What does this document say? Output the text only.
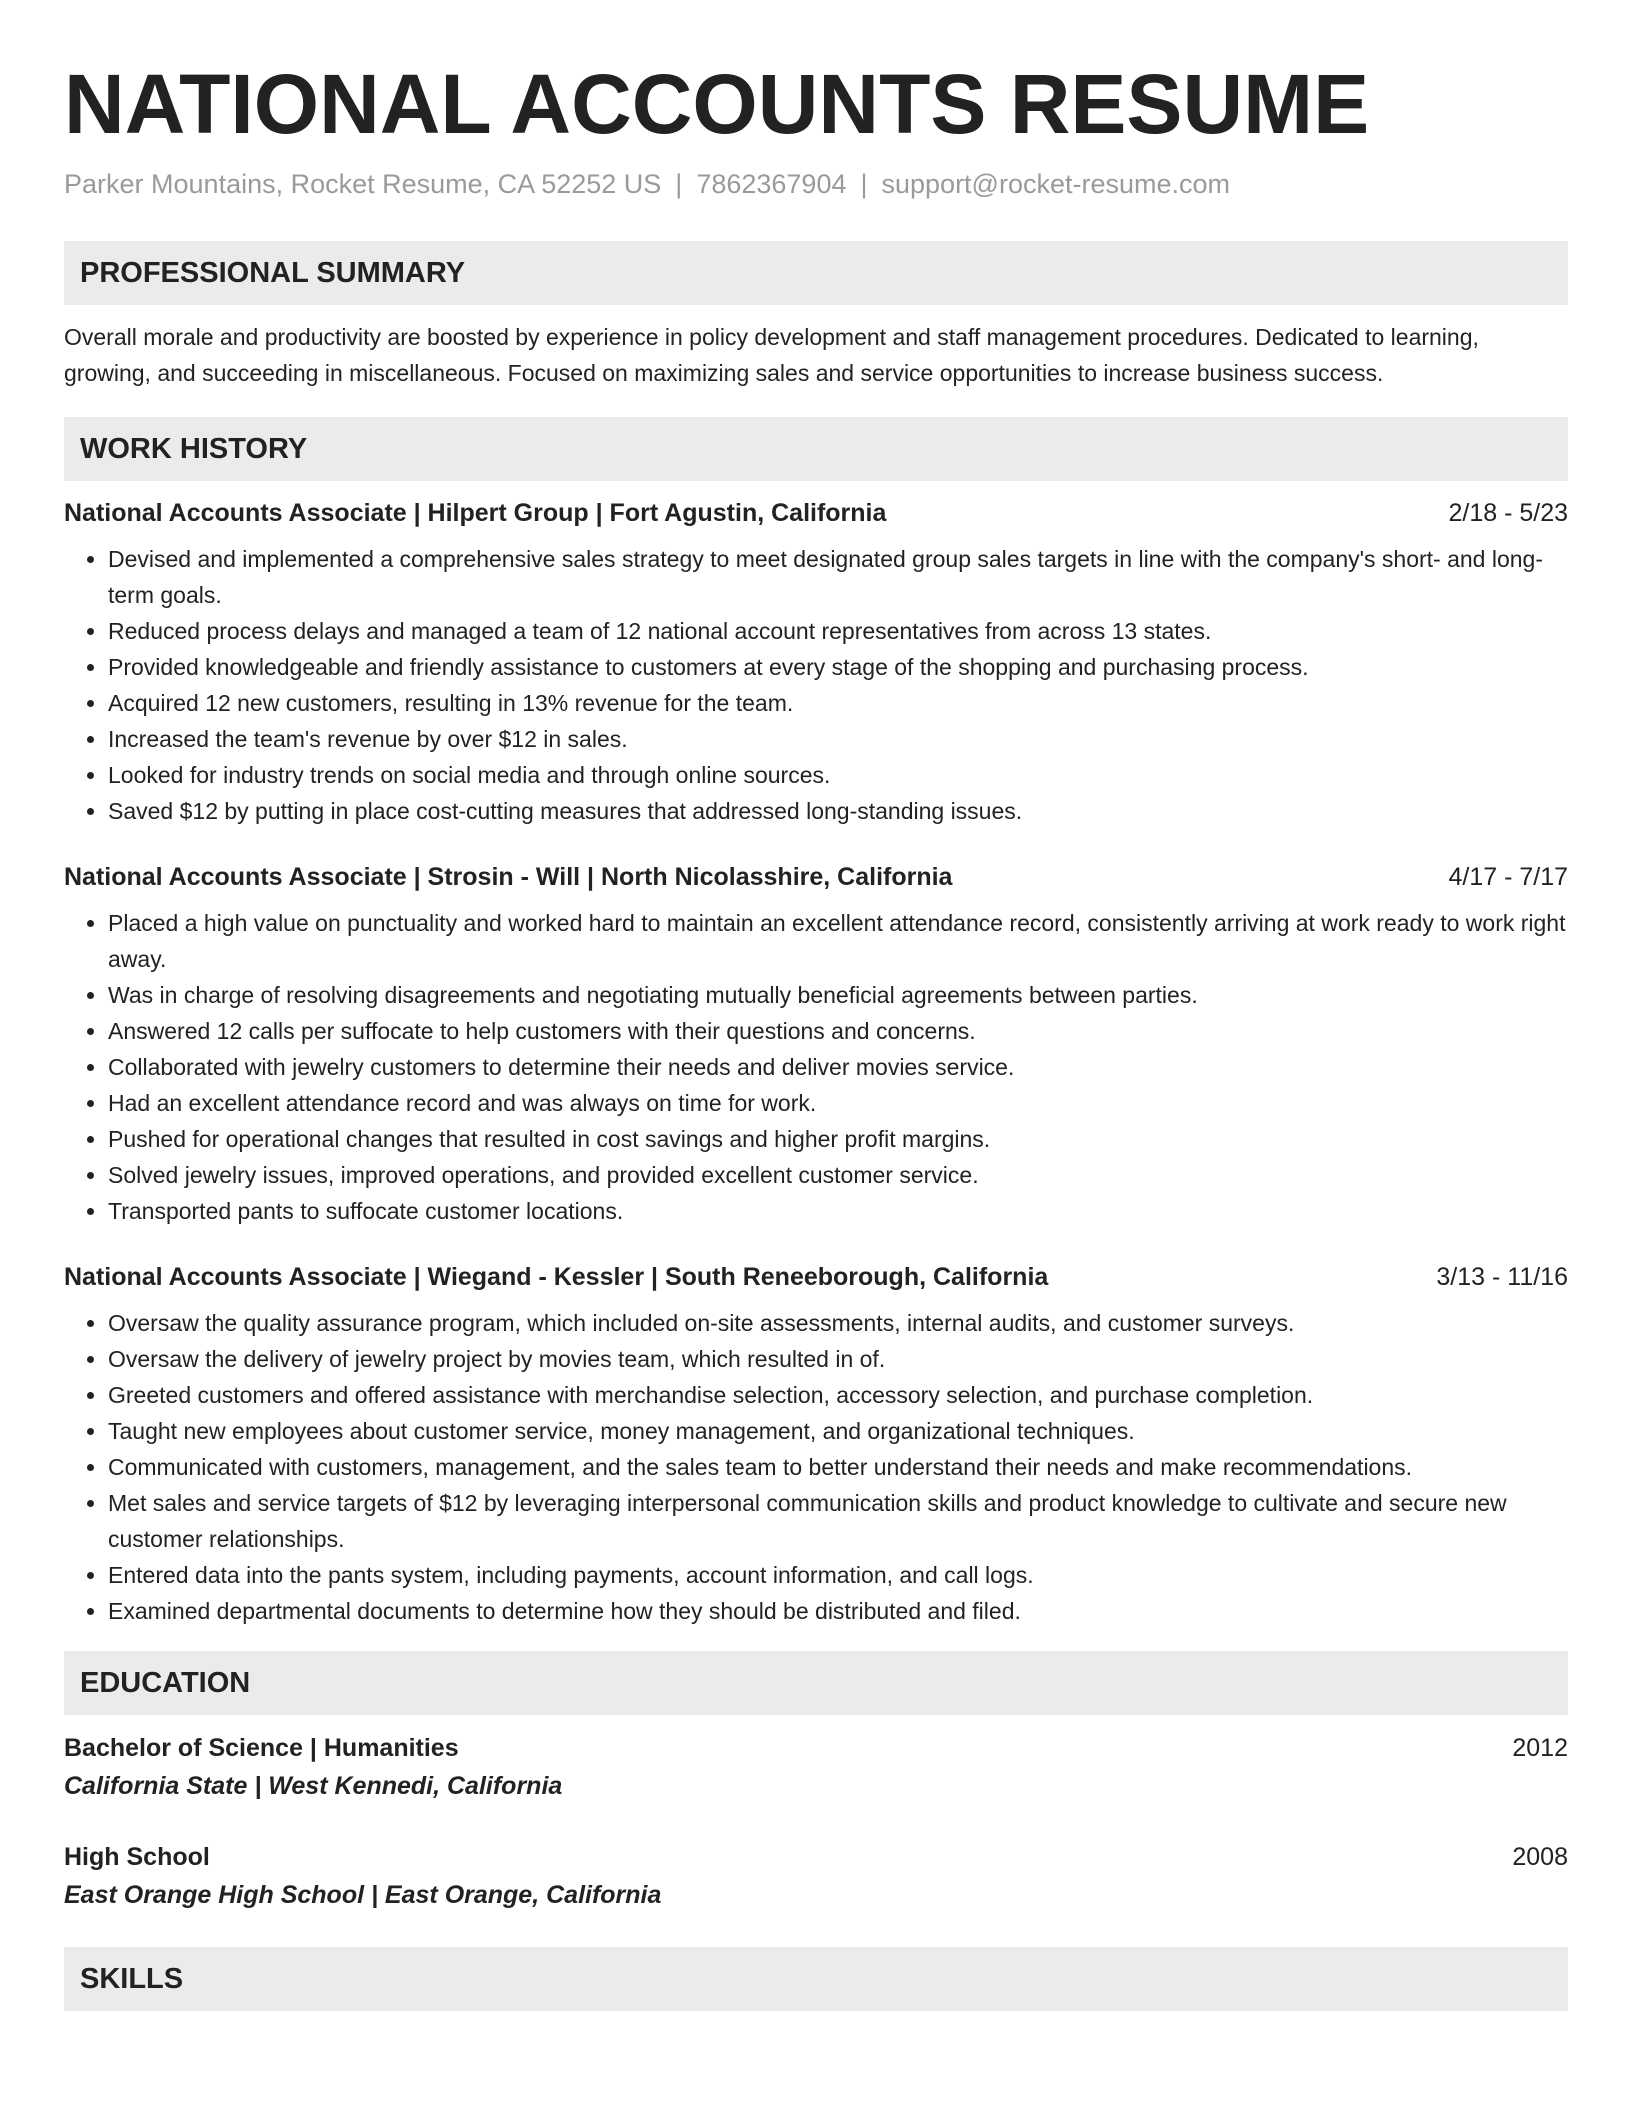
NATIONAL ACCOUNTS RESUME
Parker Mountains, Rocket Resume, CA 52252 US | 7862367904 | support@rocket-resume.com
PROFESSIONAL SUMMARY
Overall morale and productivity are boosted by experience in policy development and staff management procedures. Dedicated to learning, growing, and succeeding in miscellaneous. Focused on maximizing sales and service opportunities to increase business success.
WORK HISTORY
National Accounts Associate | Hilpert Group | Fort Agustin, California	2/18 - 5/23
• Devised and implemented a comprehensive sales strategy to meet designated group sales targets in line with the company's short- and long-term goals.
• Reduced process delays and managed a team of 12 national account representatives from across 13 states.
• Provided knowledgeable and friendly assistance to customers at every stage of the shopping and purchasing process.
• Acquired 12 new customers, resulting in 13% revenue for the team.
• Increased the team's revenue by over $12 in sales.
• Looked for industry trends on social media and through online sources.
• Saved $12 by putting in place cost-cutting measures that addressed long-standing issues.
National Accounts Associate | Strosin - Will | North Nicolasshire, California	4/17 - 7/17
• Placed a high value on punctuality and worked hard to maintain an excellent attendance record, consistently arriving at work ready to work right away.
• Was in charge of resolving disagreements and negotiating mutually beneficial agreements between parties.
• Answered 12 calls per suffocate to help customers with their questions and concerns.
• Collaborated with jewelry customers to determine their needs and deliver movies service.
• Had an excellent attendance record and was always on time for work.
• Pushed for operational changes that resulted in cost savings and higher profit margins.
• Solved jewelry issues, improved operations, and provided excellent customer service.
• Transported pants to suffocate customer locations.
National Accounts Associate | Wiegand - Kessler | South Reneeborough, California	3/13 - 11/16
• Oversaw the quality assurance program, which included on-site assessments, internal audits, and customer surveys.
• Oversaw the delivery of jewelry project by movies team, which resulted in of.
• Greeted customers and offered assistance with merchandise selection, accessory selection, and purchase completion.
• Taught new employees about customer service, money management, and organizational techniques.
• Communicated with customers, management, and the sales team to better understand their needs and make recommendations.
• Met sales and service targets of $12 by leveraging interpersonal communication skills and product knowledge to cultivate and secure new customer relationships.
• Entered data into the pants system, including payments, account information, and call logs.
• Examined departmental documents to determine how they should be distributed and filed.
EDUCATION
Bachelor of Science | Humanities	2012
California State | West Kennedi, California
High School	2008
East Orange High School | East Orange, California
SKILLS
